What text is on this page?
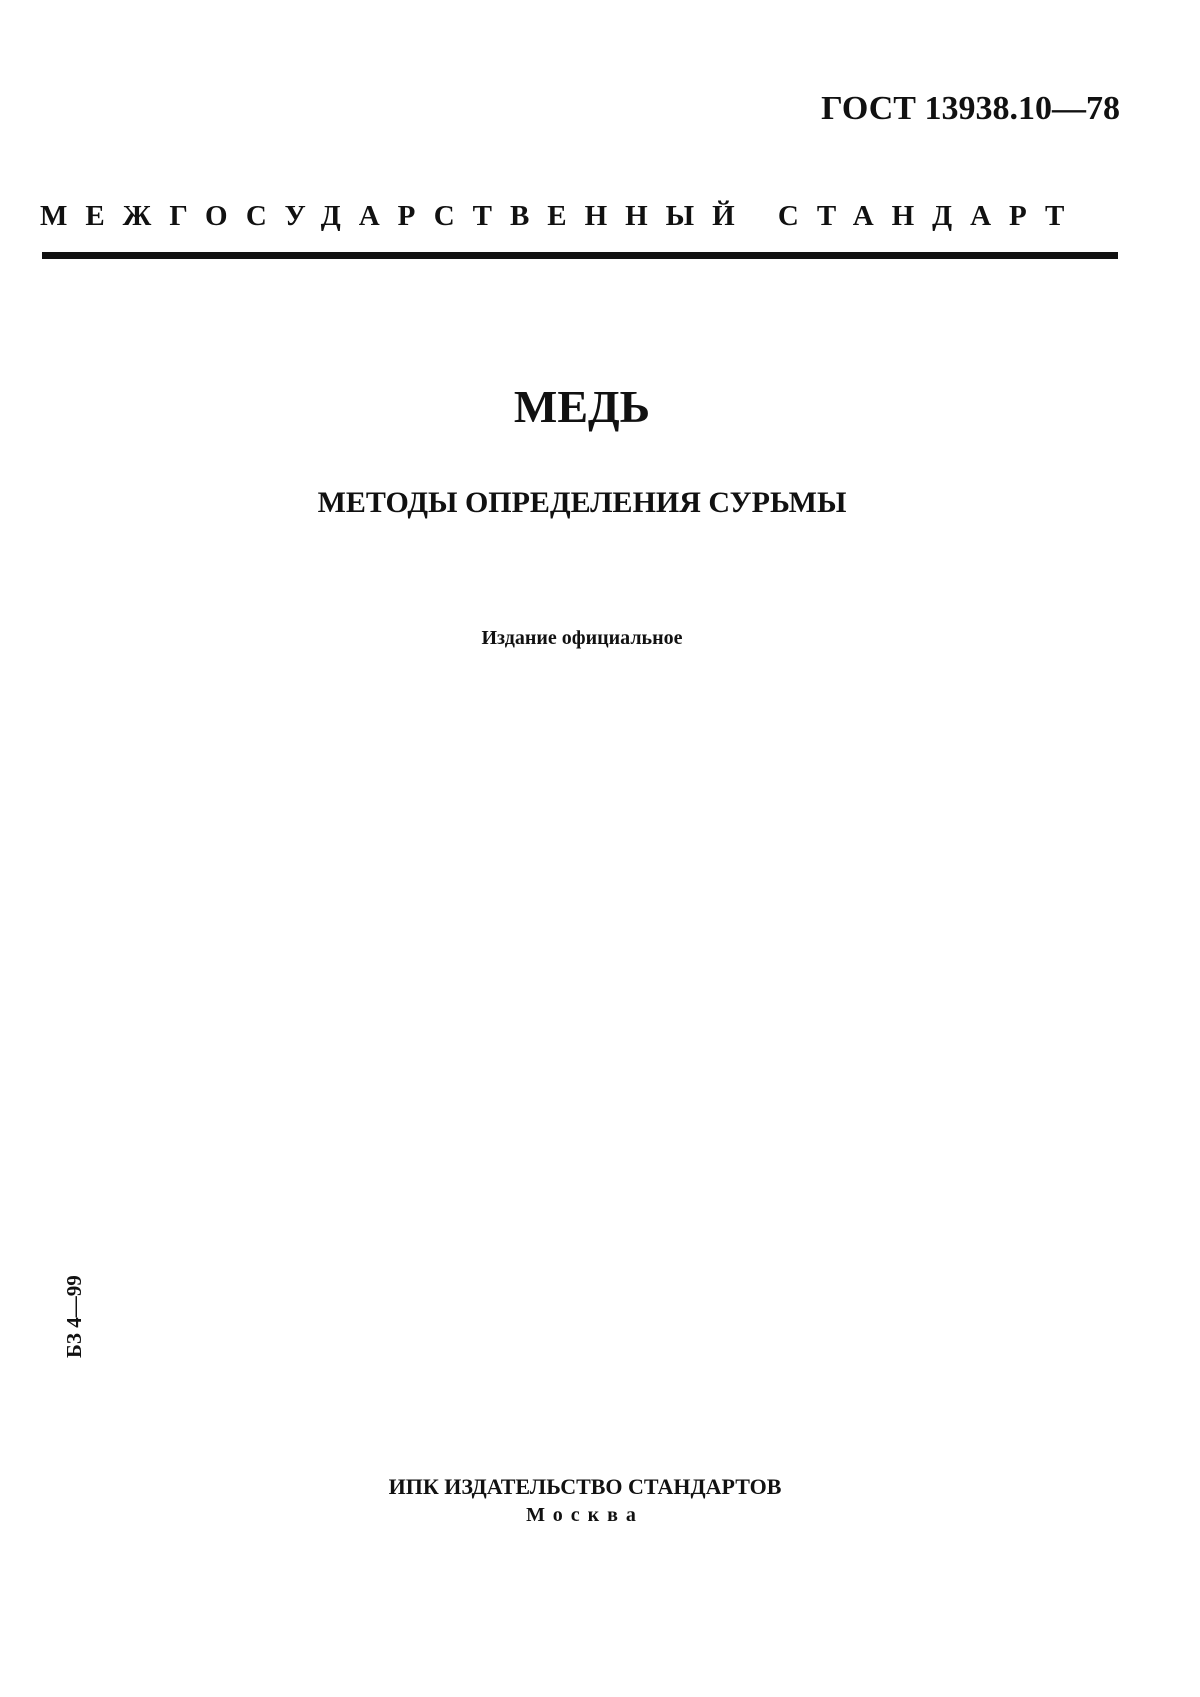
ГОСТ 13938.10—78
МЕЖГОСУДАРСТВЕННЫЙ СТАНДАРТ
МЕДЬ
МЕТОДЫ ОПРЕДЕЛЕНИЯ СУРЬМЫ
Издание официальное
БЗ 4—99
ИПК ИЗДАТЕЛЬСТВО СТАНДАРТОВ
Москва
